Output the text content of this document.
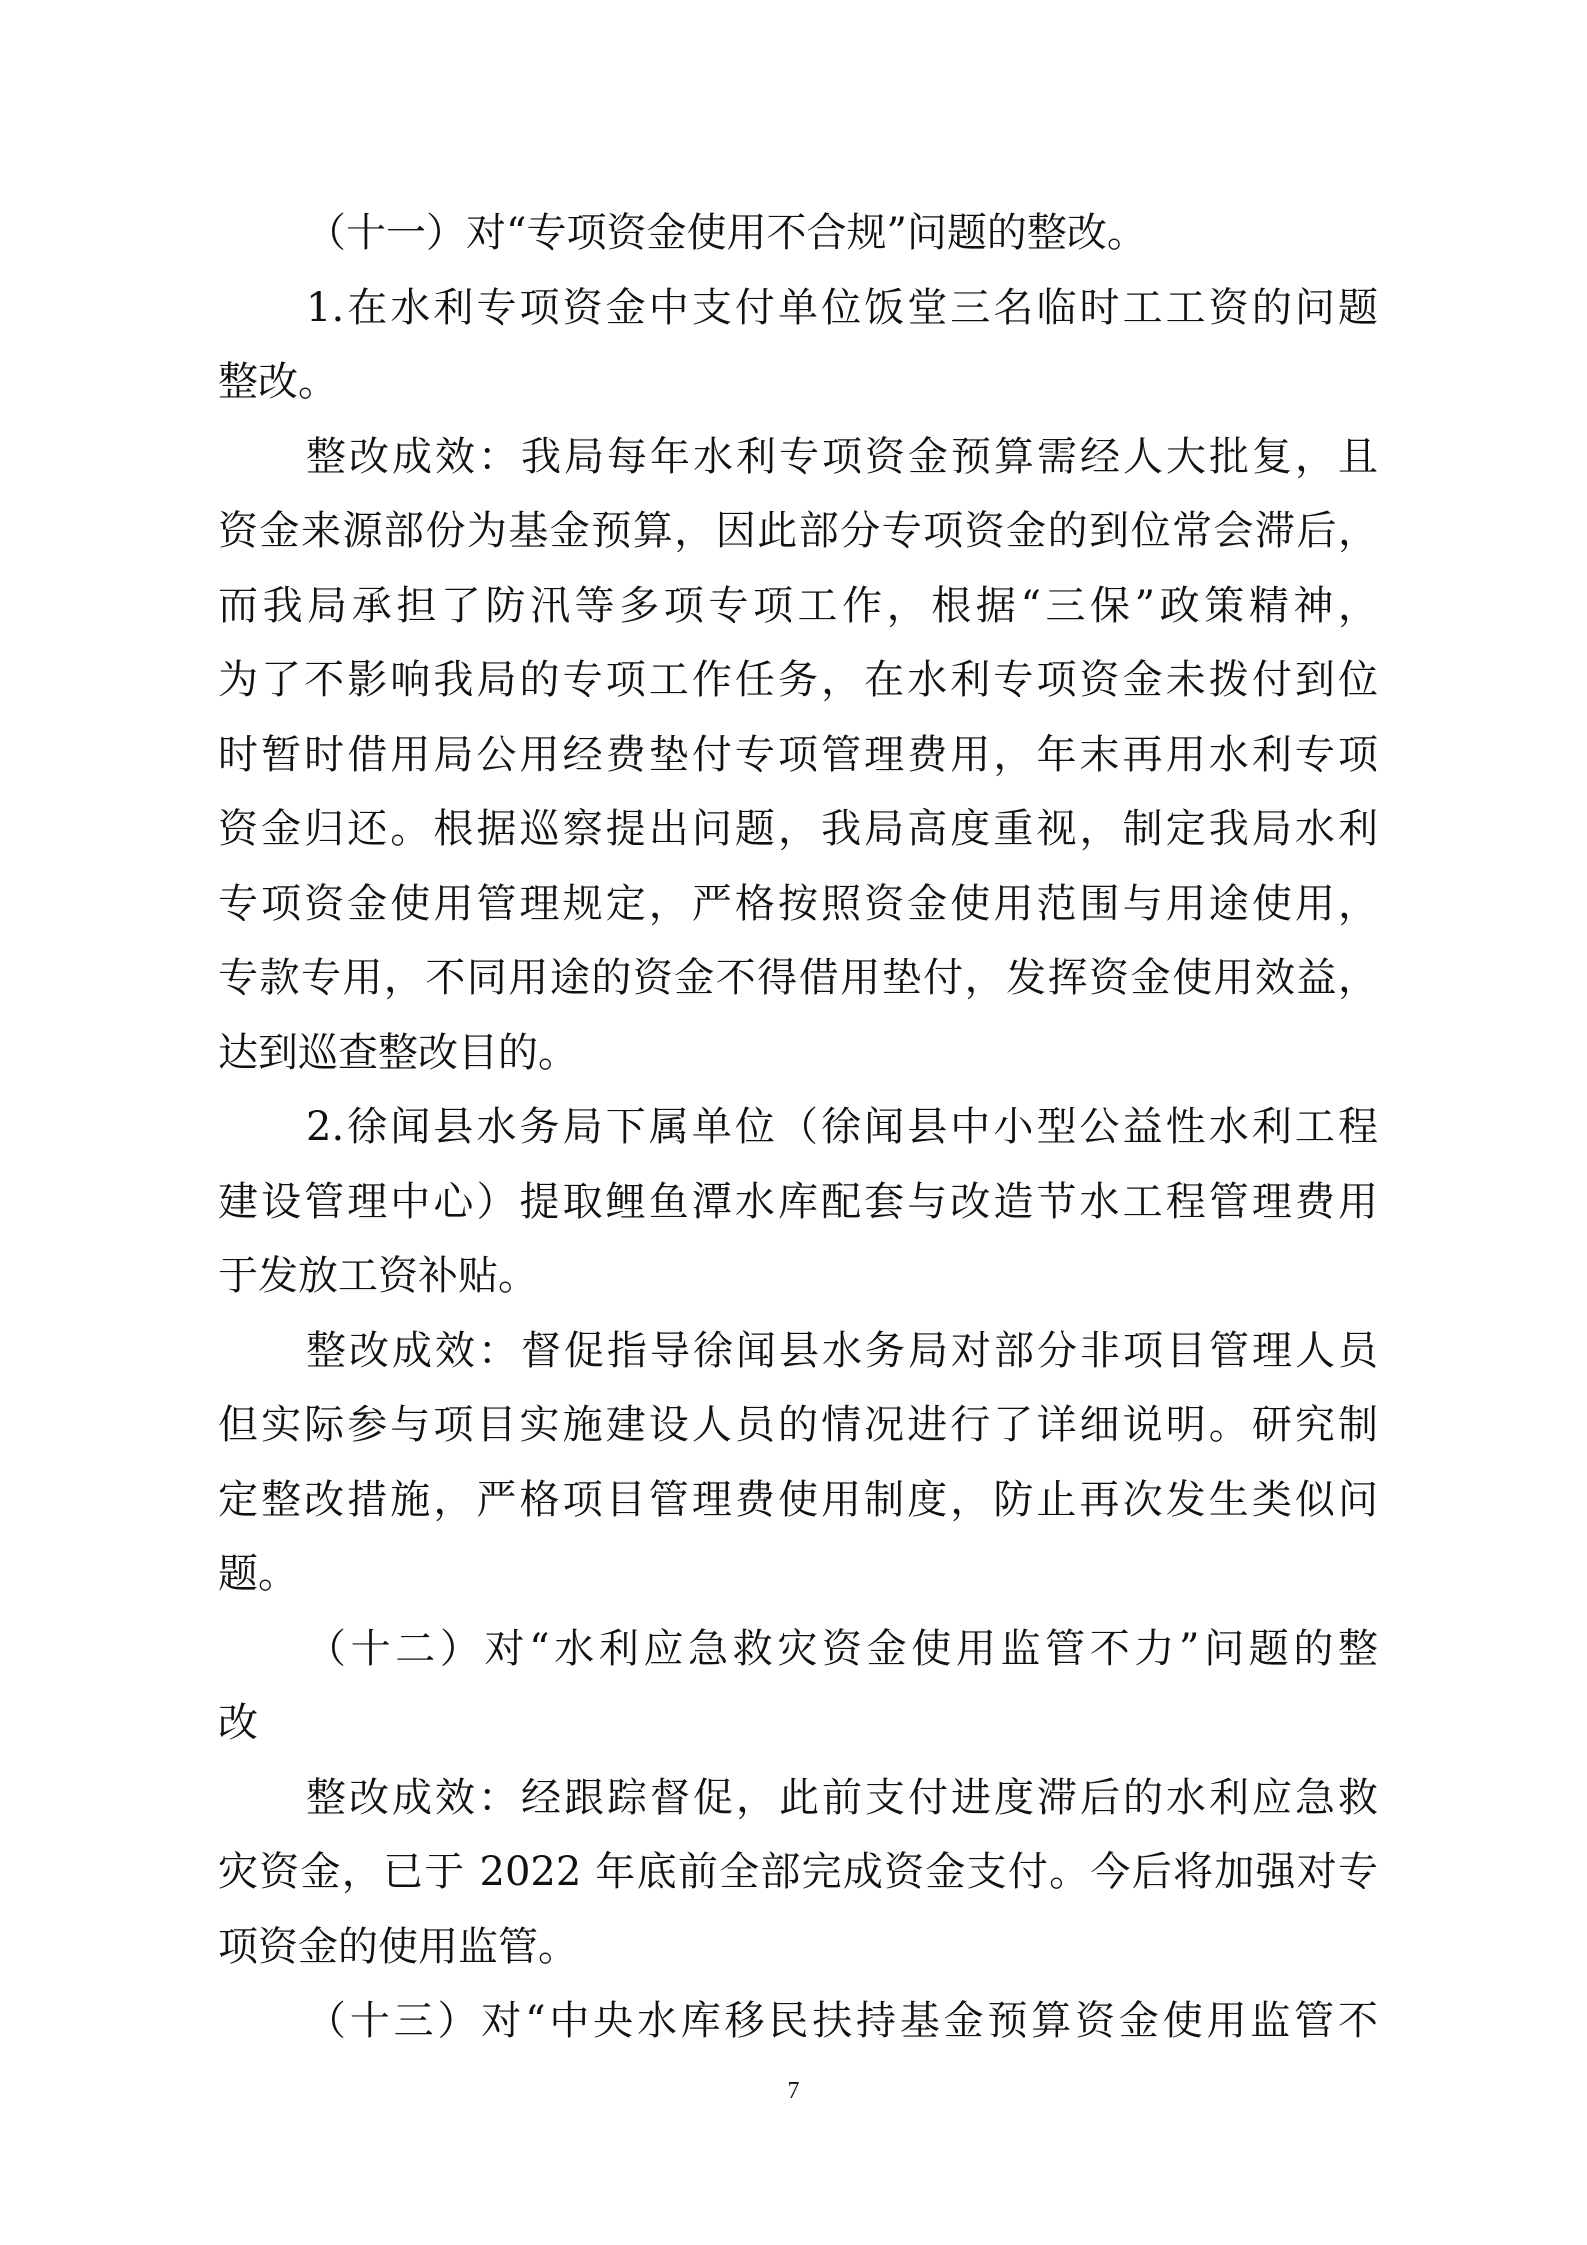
（十一）对“专项资金使用不合规”问题的整改。
1.在水利专项资金中支付单位饭堂三名临时工工资的问题
整改。
整改成效：我局每年水利专项资金预算需经人大批复，且
资金来源部份为基金预算，因此部分专项资金的到位常会滞后，
而我局承担了防汛等多项专项工作，根据“三保”政策精神，
为了不影响我局的专项工作任务，在水利专项资金未拨付到位
时暂时借用局公用经费垫付专项管理费用，年末再用水利专项
资金归还。根据巡察提出问题，我局高度重视，制定我局水利
专项资金使用管理规定，严格按照资金使用范围与用途使用，
专款专用，不同用途的资金不得借用垫付，发挥资金使用效益，
达到巡查整改目的。
2.徐闻县水务局下属单位（徐闻县中小型公益性水利工程
建设管理中心）提取鲤鱼潭水库配套与改造节水工程管理费用
于发放工资补贴。
整改成效：督促指导徐闻县水务局对部分非项目管理人员
但实际参与项目实施建设人员的情况进行了详细说明。研究制
定整改措施，严格项目管理费使用制度，防止再次发生类似问
题。
（十二）对“水利应急救灾资金使用监管不力”问题的整
改
整改成效：经跟踪督促，此前支付进度滞后的水利应急救
灾资金，已于 2022 年底前全部完成资金支付。今后将加强对专
项资金的使用监管。
（十三）对“中央水库移民扶持基金预算资金使用监管不
7
